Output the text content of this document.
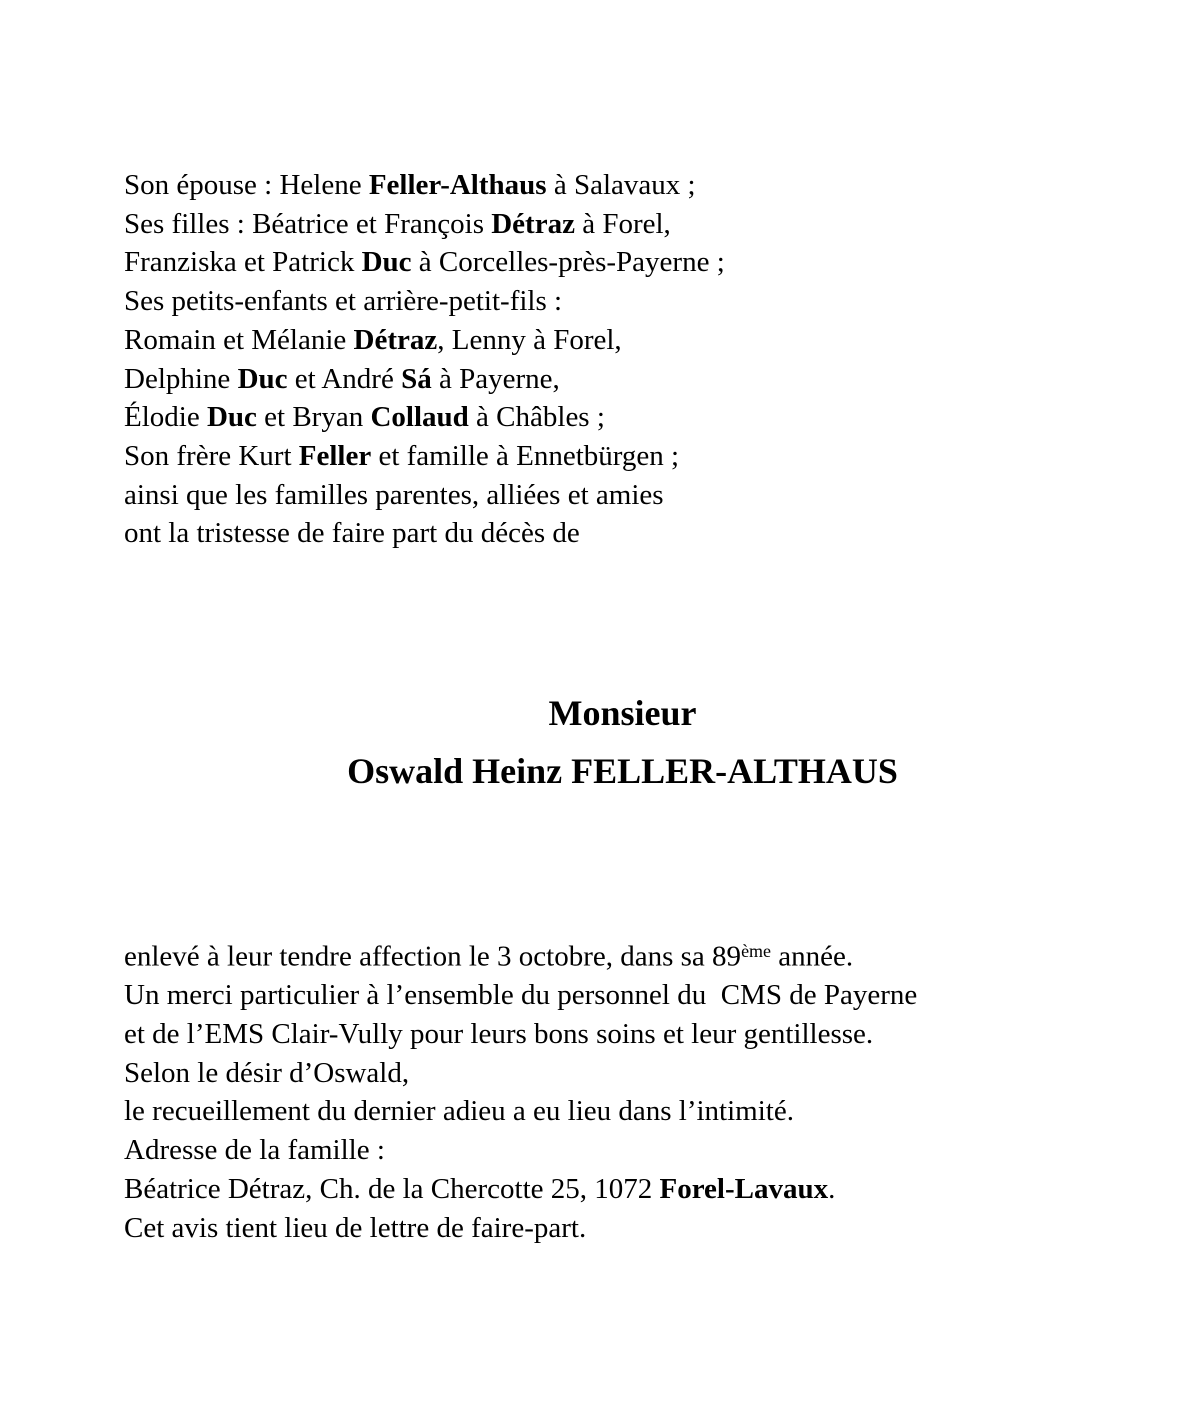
Son épouse : Helene Feller-Althaus à Salavaux ;
Ses filles : Béatrice et François Détraz à Forel,
Franziska et Patrick Duc à Corcelles-près-Payerne ;
Ses petits-enfants et arrière-petit-fils :
Romain et Mélanie Détraz, Lenny à Forel,
Delphine Duc et André Sá à Payerne,
Élodie Duc et Bryan Collaud à Châbles ;
Son frère Kurt Feller et famille à Ennetbürgen ;
ainsi que les familles parentes, alliées et amies
ont la tristesse de faire part du décès de
Monsieur
Oswald Heinz FELLER-ALTHAUS
enlevé à leur tendre affection le 3 octobre, dans sa 89ème année.
Un merci particulier à l’ensemble du personnel du  CMS de Payerne
et de l’EMS Clair-Vully pour leurs bons soins et leur gentillesse.
Selon le désir d’Oswald,
le recueillement du dernier adieu a eu lieu dans l’intimité.
Adresse de la famille :
Béatrice Détraz, Ch. de la Chercotte 25, 1072 Forel-Lavaux.
Cet avis tient lieu de lettre de faire-part.
